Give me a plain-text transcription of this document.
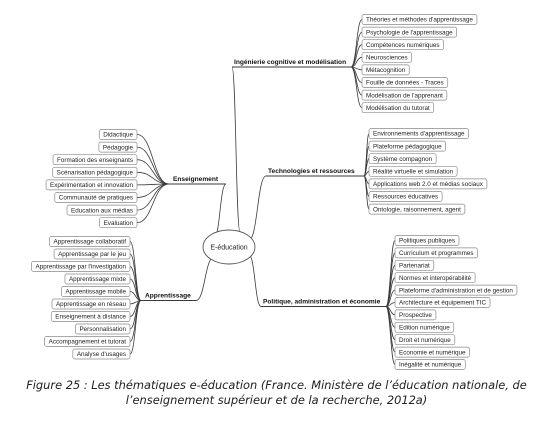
E-éducation
Ingénierie cognitive et modélisation
Technologies et ressources
Politique, administration et économie
Enseignement
Apprentissage
Théories et méthodes d'apprentissage
Psychologie de l'apprentissage
Compétences numériques
Neurosciences
Métacognition
Fouille de données - Traces
Modélisation de l'apprenant
Modélisation du tutorat
Environnements d'apprentissage
Plateforme pédagogique
Système compagnon
Réalité virtuelle et simulation
Applications web 2.0 et médias sociaux
Ressources éducatives
Ontologie, raisonnement, agent
Politiques publiques
Curriculum et programmes
Partenariat
Normes et interopérabilité
Plateforme d'administration et de gestion
Architecture et équipement TIC
Prospective
Edition numérique
Droit et numérique
Economie et numérique
Inégalité et numérique
Didactique
Pédagogie
Formation des enseignants
Scénarisation pédagogique
Expérimentation et innovation
Communauté de pratiques
Education aux médias
Evaluation
Apprentissage collaboratif
Apprentissage par le jeu
Apprentissage par l'investigation
Apprentissage mixte
Apprentissage mobile
Apprentissage en réseau
Enseignement à distance
Personnalisation
Accompagnement et tutorat
Analyse d'usages
Figure 25 : Les thématiques e-éducation (France. Ministère de l’éducation nationale, de l’enseignement supérieur et de la recherche, 2012a)
